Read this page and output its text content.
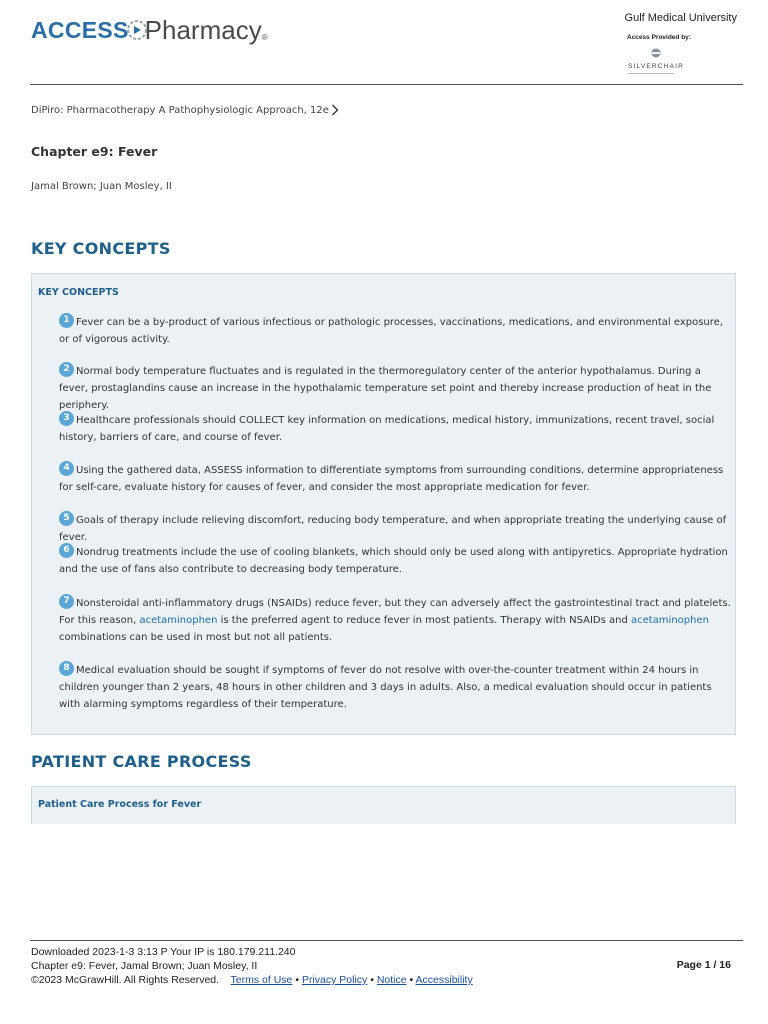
ACCESS Pharmacy ®
Gulf Medical University
Access Provided by:
SILVERCHAIR
DiPiro: Pharmacotherapy A Pathophysiologic Approach, 12e
Chapter e9: Fever
Jamal Brown; Juan Mosley, II
KEY CONCEPTS
KEY CONCEPTS
1 Fever can be a by-product of various infectious or pathologic processes, vaccinations, medications, and environmental exposure, or of vigorous activity.
2 Normal body temperature fluctuates and is regulated in the thermoregulatory center of the anterior hypothalamus. During a fever, prostaglandins cause an increase in the hypothalamic temperature set point and thereby increase production of heat in the periphery.
3 Healthcare professionals should COLLECT key information on medications, medical history, immunizations, recent travel, social history, barriers of care, and course of fever.
4 Using the gathered data, ASSESS information to differentiate symptoms from surrounding conditions, determine appropriateness for self-care, evaluate history for causes of fever, and consider the most appropriate medication for fever.
5 Goals of therapy include relieving discomfort, reducing body temperature, and when appropriate treating the underlying cause of fever.
6 Nondrug treatments include the use of cooling blankets, which should only be used along with antipyretics. Appropriate hydration and the use of fans also contribute to decreasing body temperature.
7 Nonsteroidal anti-inflammatory drugs (NSAIDs) reduce fever, but they can adversely affect the gastrointestinal tract and platelets. For this reason, acetaminophen is the preferred agent to reduce fever in most patients. Therapy with NSAIDs and acetaminophen combinations can be used in most but not all patients.
8 Medical evaluation should be sought if symptoms of fever do not resolve with over-the-counter treatment within 24 hours in children younger than 2 years, 48 hours in other children and 3 days in adults. Also, a medical evaluation should occur in patients with alarming symptoms regardless of their temperature.
PATIENT CARE PROCESS
Patient Care Process for Fever
Downloaded 2023-1-3 3:13 P Your IP is 180.179.211.240
Chapter e9: Fever, Jamal Brown; Juan Mosley, II
©2023 McGrawHill. All Rights Reserved. Terms of Use • Privacy Policy • Notice • Accessibility
Page 1 / 16
